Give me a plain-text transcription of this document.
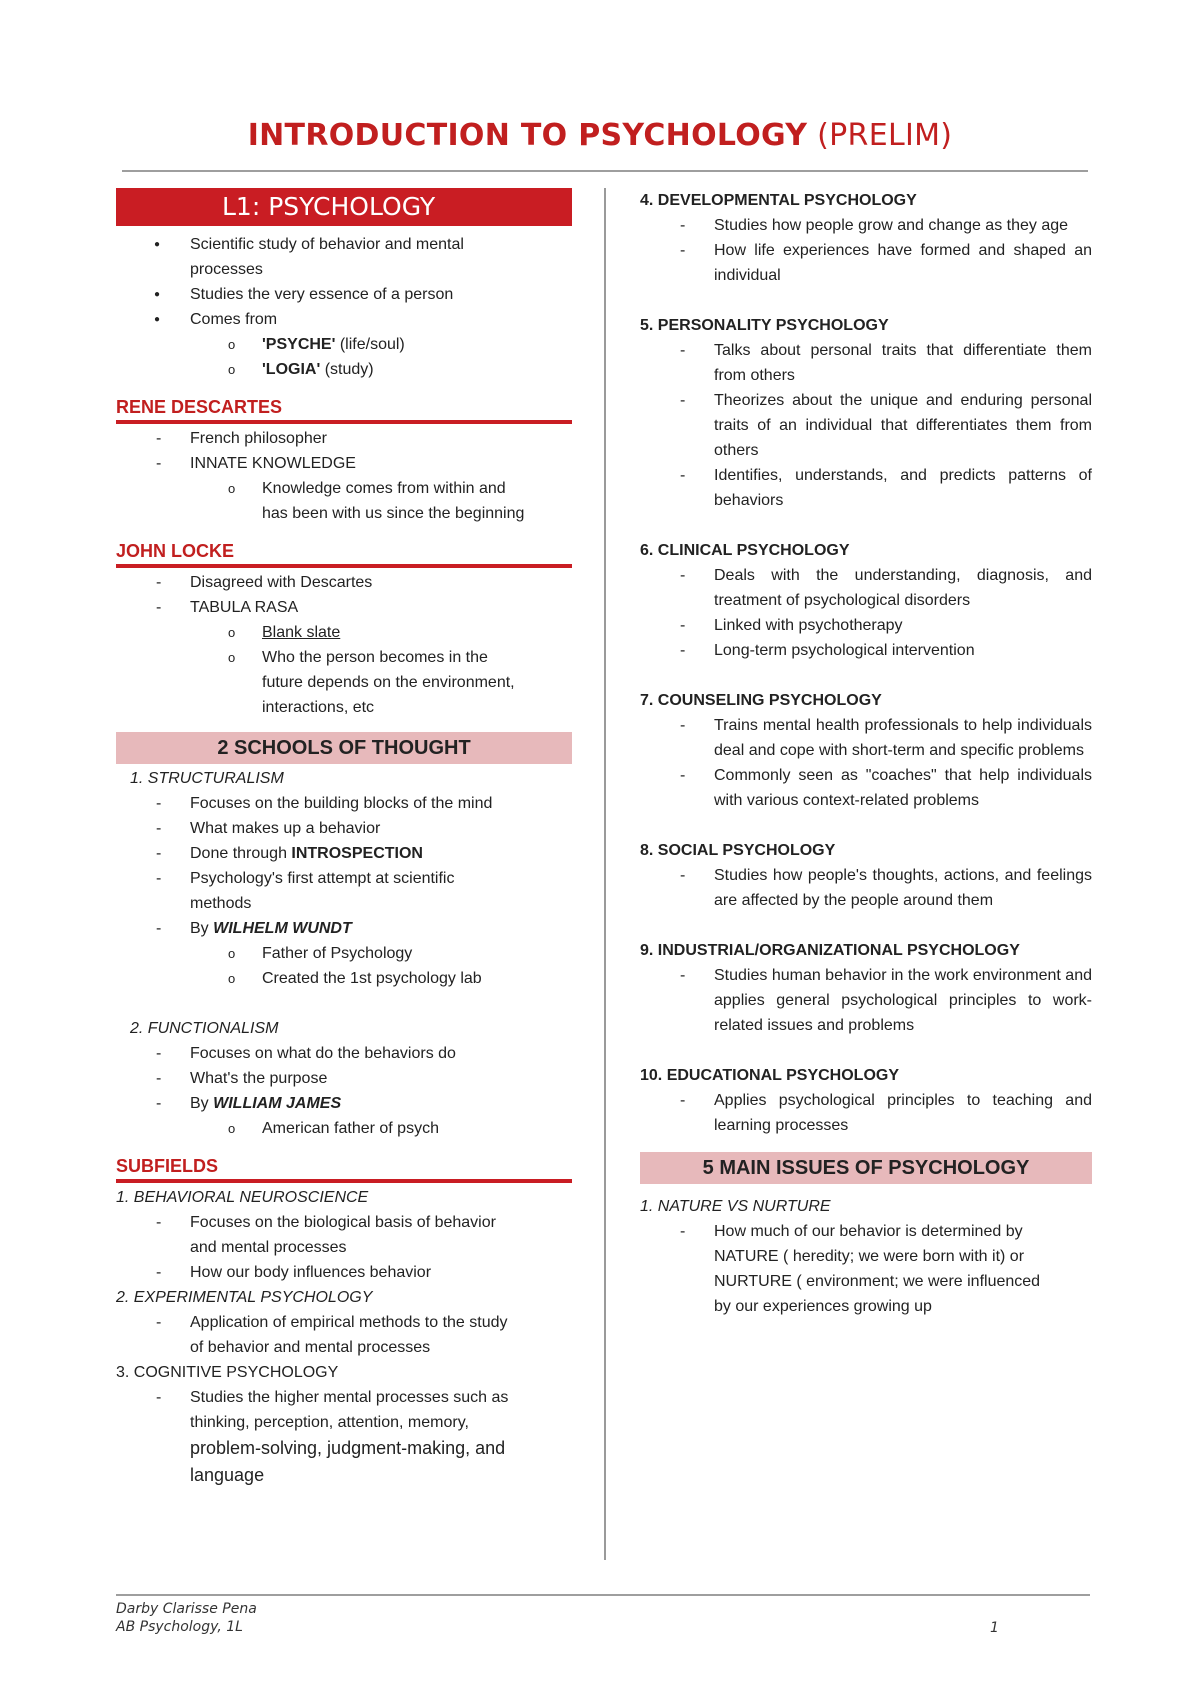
INTRODUCTION TO PSYCHOLOGY (PRELIM)
L1: PSYCHOLOGY
● Scientific study of behavior and mental
processes
● Studies the very essence of a person
● Comes from
o 'PSYCHE' (life/soul)
o 'LOGIA' (study)
RENE DESCARTES
- French philosopher
- INNATE KNOWLEDGE
o Knowledge comes from within and
has been with us since the beginning
JOHN LOCKE
- Disagreed with Descartes
- TABULA RASA
o Blank slate
o Who the person becomes in the
future depends on the environment,
interactions, etc
2 SCHOOLS OF THOUGHT
1. STRUCTURALISM
- Focuses on the building blocks of the mind
- What makes up a behavior
- Done through INTROSPECTION
- Psychology's first attempt at scientific
methods
- By WILHELM WUNDT
o Father of Psychology
o Created the 1st psychology lab
2. FUNCTIONALISM
- Focuses on what do the behaviors do
- What's the purpose
- By WILLIAM JAMES
o American father of psych
SUBFIELDS
1. BEHAVIORAL NEUROSCIENCE
- Focuses on the biological basis of behavior
and mental processes
- How our body influences behavior
2. EXPERIMENTAL PSYCHOLOGY
- Application of empirical methods to the study
of behavior and mental processes
3. COGNITIVE PSYCHOLOGY
- Studies the higher mental processes such as
thinking, perception, attention, memory,
problem-solving, judgment-making, and
language
4. DEVELOPMENTAL PSYCHOLOGY
- Studies how people grow and change as they age
- How life experiences have formed and shaped an individual
5. PERSONALITY PSYCHOLOGY
- Talks about personal traits that differentiate them from others
- Theorizes about the unique and enduring personal traits of an individual that differentiates them from others
- Identifies, understands, and predicts patterns of behaviors
6. CLINICAL PSYCHOLOGY
- Deals with the understanding, diagnosis, and treatment of psychological disorders
- Linked with psychotherapy
- Long-term psychological intervention
7. COUNSELING PSYCHOLOGY
- Trains mental health professionals to help individuals deal and cope with short-term and specific problems
- Commonly seen as "coaches" that help individuals with various context-related problems
8. SOCIAL PSYCHOLOGY
- Studies how people's thoughts, actions, and feelings are affected by the people around them
9. INDUSTRIAL/ORGANIZATIONAL PSYCHOLOGY
- Studies human behavior in the work environment and applies general psychological principles to work-related issues and problems
10. EDUCATIONAL PSYCHOLOGY
- Applies psychological principles to teaching and learning processes
5 MAIN ISSUES OF PSYCHOLOGY
1. NATURE VS NURTURE
- How much of our behavior is determined by
NATURE ( heredity; we were born with it) or
NURTURE ( environment; we were influenced
by our experiences growing up
Darby Clarisse Pena
AB Psychology, 1L	1
